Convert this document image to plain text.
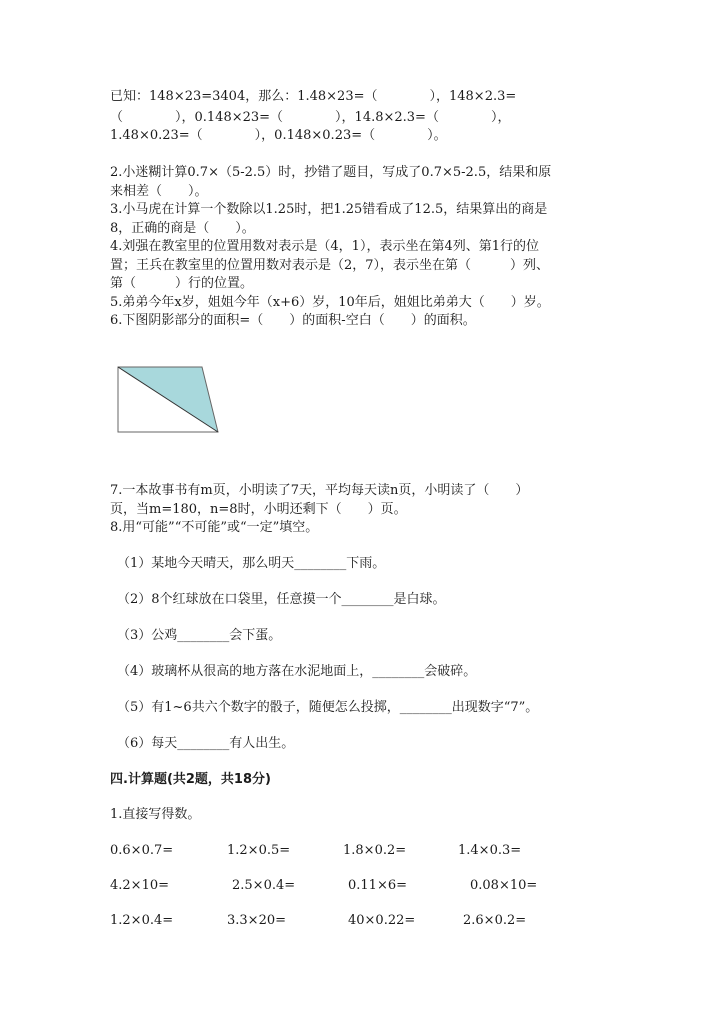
已知：148×23=3404，那么：1.48×23=（　　　　），148×2.3=
（　　　　），0.148×23=（　　　　），14.8×2.3=（　　　　），
1.48×0.23=（　　　　），0.148×0.23=（　　　　）。
2.小迷糊计算0.7×（5-2.5）时，抄错了题目，写成了0.7×5-2.5，结果和原
来相差（　　）。
3.小马虎在计算一个数除以1.25时，把1.25错看成了12.5，结果算出的商是
8，正确的商是（　　）。
4.刘强在教室里的位置用数对表示是（4，1），表示坐在第4列、第1行的位
置；王兵在教室里的位置用数对表示是（2，7），表示坐在第（　　　）列、
第（　　　）行的位置。
5.弟弟今年x岁，姐姐今年（x+6）岁，10年后，姐姐比弟弟大（　　）岁。
6.下图阴影部分的面积=（　　）的面积-空白（　　）的面积。
7.一本故事书有m页，小明读了7天，平均每天读n页，小明读了（　　）
页，当m=180，n=8时，小明还剩下（　　）页。
8.用“可能”“不可能”或“一定”填空。
（1）某地今天晴天，那么明天________下雨。
（2）8个红球放在口袋里，任意摸一个________是白球。
（3）公鸡________会下蛋。
（4）玻璃杯从很高的地方落在水泥地面上，________会破碎。
（5）有1~6共六个数字的骰子，随便怎么投掷，________出现数字“7”。
（6）每天________有人出生。
四.计算题(共2题，共18分)
1.直接写得数。
0.6×0.7=	1.2×0.5=	1.8×0.2=	1.4×0.3=
4.2×10=	2.5×0.4=	0.11×6=	0.08×10=
1.2×0.4=	3.3×20=	40×0.22=	2.6×0.2=
